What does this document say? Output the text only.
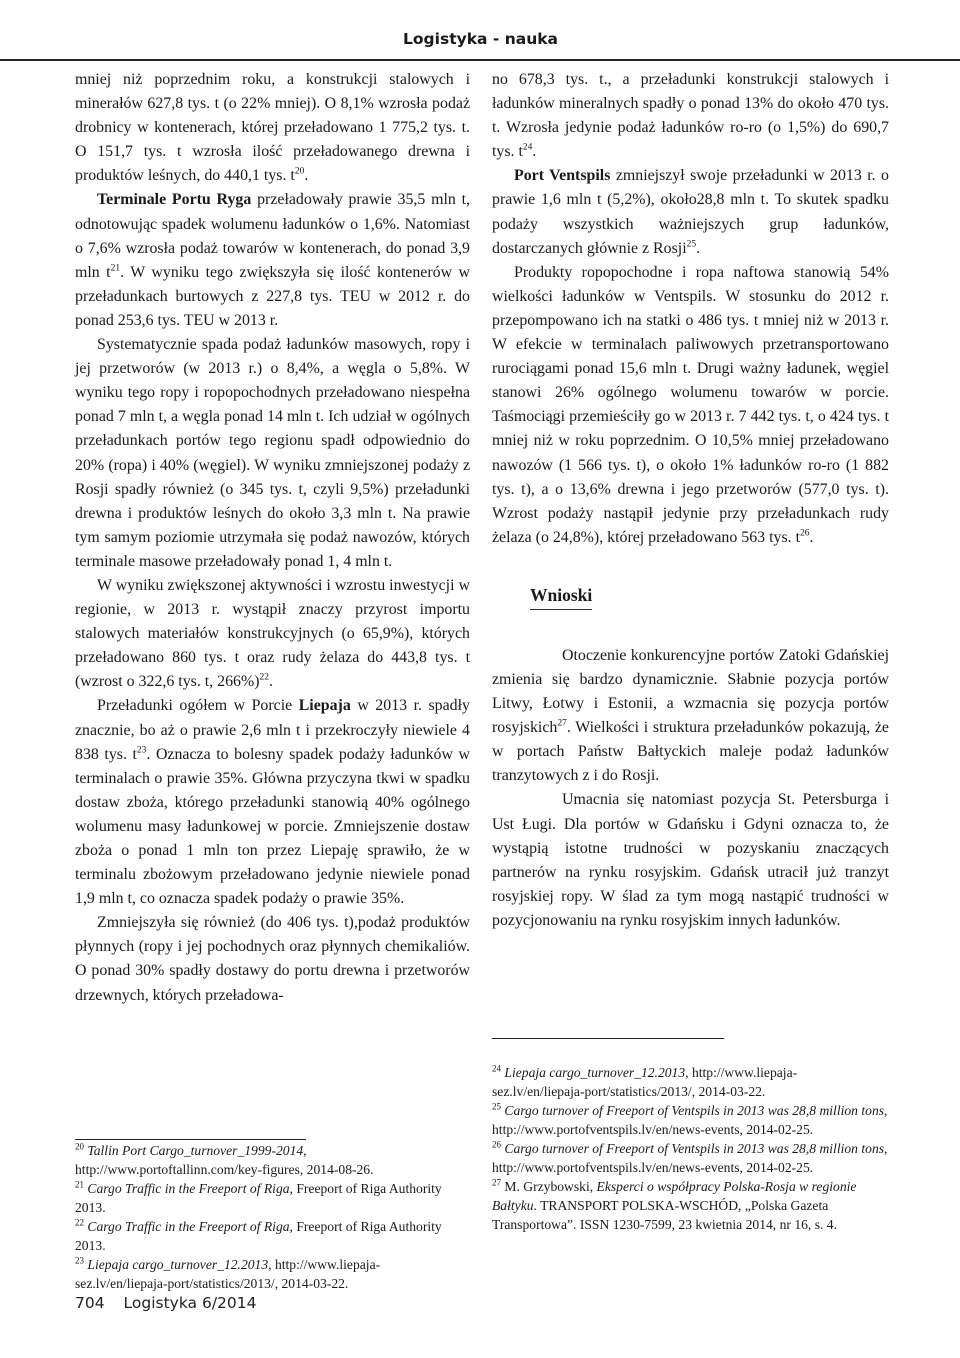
Logistyka - nauka

mniej niż poprzednim roku, a konstrukcji stalowych i minerałów 627,8 tys. t (o 22% mniej). O 8,1% wzrosła podaż drobnicy w kontenerach, której przeładowano 1 775,2 tys. t. O 151,7 tys. t wzrosła ilość przeładowanego drewna i produktów leśnych, do 440,1 tys. $t^{20}$.

Terminale Portu Ryga przeładowały prawie 35,5 mln t, odnotowując spadek wolumenu ładunków o 1,6%. Natomiast o 7,6% wzrosła podaż towarów w kontenerach, do ponad 3,9 mln $t^{21}$. W wyniku tego zwiększyła się ilość kontenerów w przeładunkach burtowych z 227,8 tys. TEU w 2012 r. do ponad 253,6 tys. TEU w 2013 r.

Systematycznie spada podaż ładunków masowych, ropy i jej przetworów (w 2013 r.) o 8,4%, a węgla o 5,8%. W wyniku tego ropy i ropopochodnych przeładowano niespełna ponad 7 mln t, a węgla ponad 14 mln t. Ich udział w ogólnych przeładunkach portów tego regionu spadł odpowiednio do 20% (ropa) i 40% (węgiel). W wyniku zmniejszonej podaży z Rosji spadły również (o 345 tys. t, czyli 9,5%) przeładunki drewna i produktów leśnych do około 3,3 mln t. Na prawie tym samym poziomie utrzymała się podaż nawozów, których terminale masowe przeładowały ponad 1, 4 mln t.

W wyniku zwiększonej aktywności i wzrostu inwestycji w regionie, w 2013 r. wystąpił znaczy przyrost importu stalowych materiałów konstrukcyjnych (o 65,9%), których przeładowano 860 tys. t oraz rudy żelaza do 443,8 tys. t (wzrost o 322,6 tys. t, 266%)$^{22}$.

Przeładunki ogółem w Porcie Liepaja w 2013 r. spadły znacznie, bo aż o prawie 2,6 mln t i przekroczyły niewiele 4 838 tys. $t^{23}$. Oznacza to bolesny spadek podaży ładunków w terminalach o prawie 35%. Główna przyczyna tkwi w spadku dostaw zboża, którego przeładunki stanowią 40% ogólnego wolumenu masy ładunkowej w porcie. Zmniejszenie dostaw zboża o ponad 1 mln ton przez Liepaję sprawiło, że w terminalu zbożowym przeładowano jedynie niewiele ponad 1,9 mln t, co oznacza spadek podaży o prawie 35%.

Zmniejszyła się również (do 406 tys. t),podaż produktów płynnych (ropy i jej pochodnych oraz płynnych chemikaliów. O ponad 30% spadły dostawy do portu drewna i przetworów drzewnych, których przeładowa-

no 678,3 tys. t., a przeładunki konstrukcji stalowych i ładunków mineralnych spadły o ponad 13% do około 470 tys. t. Wzrosła jedynie podaż ładunków ro-ro (o 1,5%) do 690,7 tys. $t^{24}$.

Port Ventspils zmniejszył swoje przeładunki w 2013 r. o prawie 1,6 mln t (5,2%), około28,8 mln t. To skutek spadku podaży wszystkich ważniejszych grup ładunków, dostarczanych głównie z Rosji$^{25}$.

Produkty ropopochodne i ropa naftowa stanowią 54% wielkości ładunków w Ventspils. W stosunku do 2012 r. przepompowano ich na statki o 486 tys. t mniej niż w 2013 r. W efekcie w terminalach paliwowych przetransportowano rurociągami ponad 15,6 mln t. Drugi ważny ładunek, węgiel stanowi 26% ogólnego wolumenu towarów w porcie. Taśmociągi przemieściły go w 2013 r. 7 442 tys. t, o 424 tys. t mniej niż w roku poprzednim. O 10,5% mniej przeładowano nawozów (1 566 tys. t), o około 1% ładunków ro-ro (1 882 tys. t), a o 13,6% drewna i jego przetworów (577,0 tys. t). Wzrost podaży nastąpił jedynie przy przeładunkach rudy żelaza (o 24,8%), której przeładowano 563 tys. $t^{26}$.

Wnioski

Otoczenie konkurencyjne portów Zatoki Gdańskiej zmienia się bardzo dynamicznie. Słabnie pozycja portów Litwy, Łotwy i Estonii, a wzmacnia się pozycja portów rosyjskich$^{27}$. Wielkości i struktura przeładunków pokazują, że w portach Państw Bałtyckich maleje podaż ładunków tranzytowych z i do Rosji.

Umacnia się natomiast pozycja St. Petersburga i Ust Ługi. Dla portów w Gdańsku i Gdyni oznacza to, że wystąpią istotne trudności w pozyskaniu znaczących partnerów na rynku rosyjskim. Gdańsk utracił już tranzyt rosyjskiej ropy. W ślad za tym mogą nastąpić trudności w pozycjonowaniu na rynku rosyjskim innych ładunków.

$^{20}$ Tallin Port Cargo_turnover_1999-2014, http://www.portoftallinn.com/key-figures, 2014-08-26.

$^{21}$ Cargo Traffic in the Freeport of Riga, Freeport of Riga Authority 2013.

$^{22}$ Cargo Traffic in the Freeport of Riga, Freeport of Riga Authority 2013.

$^{23}$ Liepaja cargo_turnover_12.2013, http://www.liepaja-sez.lv/en/liepaja-port/statistics/2013/, 2014-03-22.

$^{24}$ Liepaja cargo_turnover_12.2013, http://www.liepaja-sez.lv/en/liepaja-port/statistics/2013/, 2014-03-22.

$^{25}$ Cargo turnover of Freeport of Ventspils in 2013 was 28,8 million tons, http://www.portofventspils.lv/en/news-events, 2014-02-25.

$^{26}$ Cargo turnover of Freeport of Ventspils in 2013 was 28,8 million tons, http://www.portofventspils.lv/en/news-events, 2014-02-25.

$^{27}$ M. Grzybowski, Eksperci o współpracy Polska-Rosja w regionie Bałtyku. TRANSPORT POLSKA-WSCHÓD, „Polska Gazeta Transportowa”. ISSN 1230-7599, 23 kwietnia 2014, nr 16, s. 4.

704 Logistyka 6/2014
